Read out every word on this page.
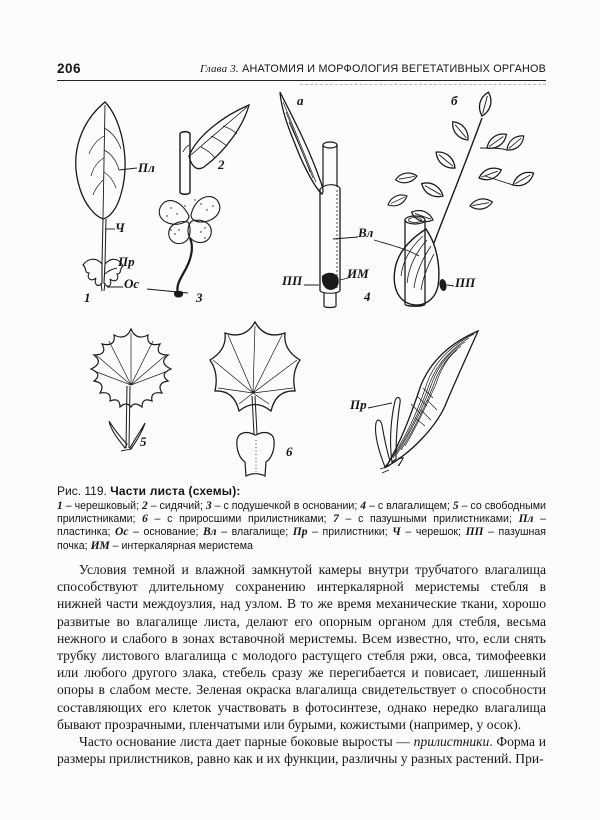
206	Глава 3. АНАТОМИЯ И МОРФОЛОГИЯ ВЕГЕТАТИВНЫХ ОРГАНОВ
Пл
Ч
Пр
Ос
1
2
3
а	б
Вл
ПП	ИМ
4
5
6
Пр
7
ПП
Рис. 119. Части листа (схемы):
1 – черешковый; 2 – сидячий; 3 – с подушечкой в основании; 4 – с влагалищем; 5 – со свободными прилистниками; 6 – с приросшими прилистниками; 7 – с пазушными прилистниками; Пл – пластинка; Ос – основание; Вл – влагалище; Пр – прилистники; Ч – черешок; ПП – пазушная почка; ИМ – интеркалярная меристема

Условия темной и влажной замкнутой камеры внутри трубчатого влагалища способствуют длительному сохранению интеркалярной меристемы стебля в нижней части междоузлия, над узлом. В то же время механические ткани, хорошо развитые во влагалище листа, делают его опорным органом для стебля, весьма нежного и слабого в зонах вставочной меристемы. Всем известно, что, если снять трубку листового влагалища с молодого растущего стебля ржи, овса, тимофеевки или любого другого злака, стебель сразу же перегибается и повисает, лишенный опоры в слабом месте. Зеленая окраска влагалища свидетельствует о способности составляющих его клеток участвовать в фотосинтезе, однако нередко влагалища бывают прозрачными, пленчатыми или бурыми, кожистыми (например, у осок).

Часто основание листа дает парные боковые выросты — прилистники. Форма и размеры прилистников, равно как и их функции, различны у разных растений. При-
